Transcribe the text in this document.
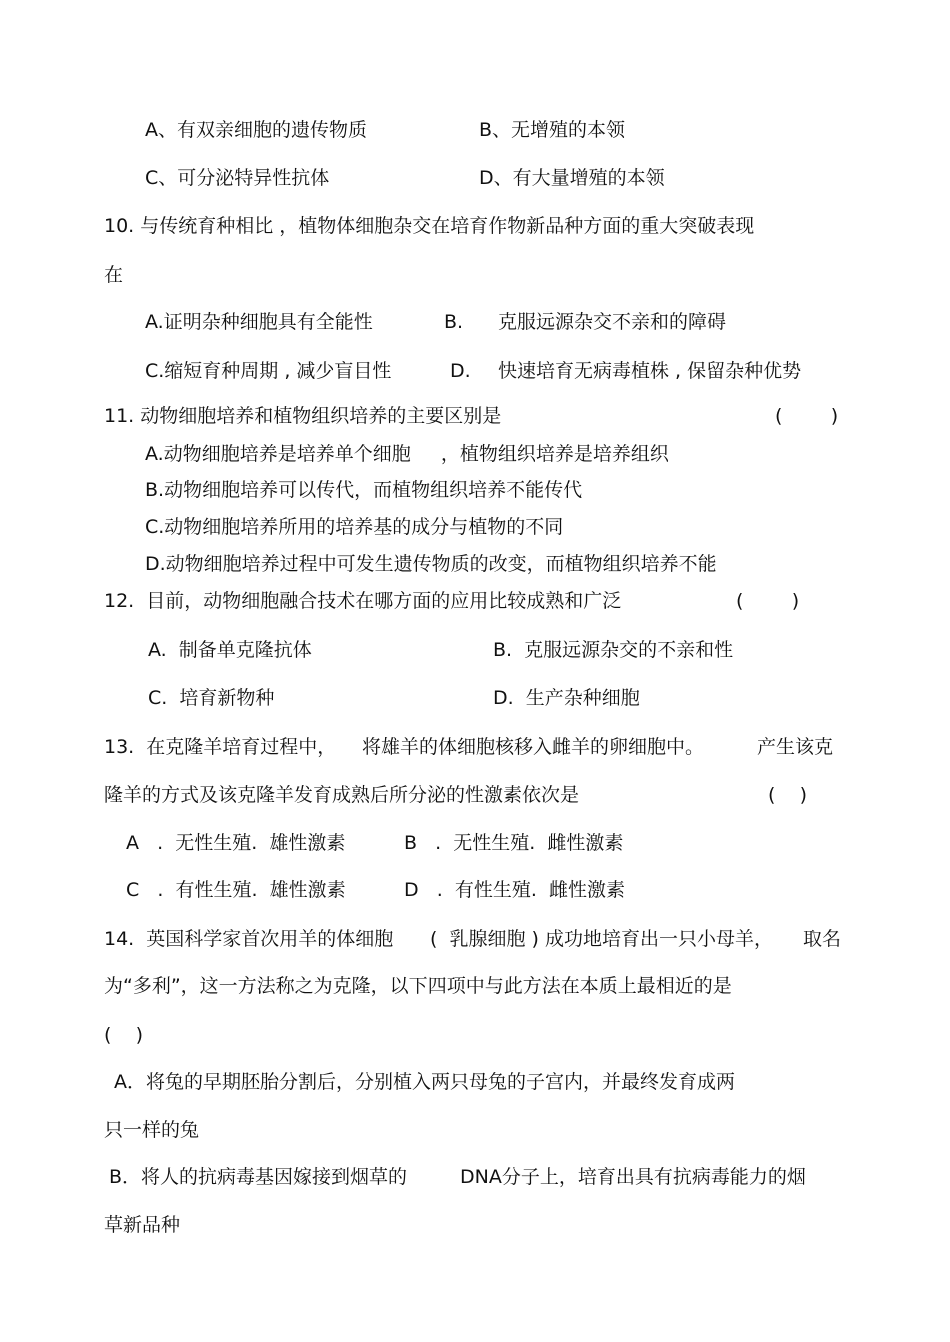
A、有双亲细胞的遗传物质	B、无增殖的本领
C、可分泌特异性抗体	D、有大量增殖的本领
10. 与传统育种相比 ，植物体细胞杂交在培育作物新品种方面的重大突破表现
在
A.证明杂种细胞具有全能性	B. 克服远源杂交不亲和的障碍
C.缩短育种周期 , 减少盲目性	D. 快速培育无病毒植株 , 保留杂种优势
11. 动物细胞培养和植物组织培养的主要区别是	(        )
A.动物细胞培养是培养单个细胞     ，植物组织培养是培养组织
B.动物细胞培养可以传代，而植物组织培养不能传代
C.动物细胞培养所用的培养基的成分与植物的不同
D.动物细胞培养过程中可发生遗传物质的改变，而植物组织培养不能
12.  目前，动物细胞融合技术在哪方面的应用比较成熟和广泛	(        )
A.  制备单克隆抗体	B.  克服远源杂交的不亲和性
C.  培育新物种	D.  生产杂种细胞
13.  在克隆羊培育过程中， 将雄羊的体细胞核移入雌羊的卵细胞中。	产生该克
隆羊的方式及该克隆羊发育成熟后所分泌的性激素依次是	(    )
A   .  无性生殖.  雄性激素	B   .  无性生殖.  雌性激素
C   .  有性生殖.  雄性激素	D   .  有性生殖.  雌性激素
14.  英国科学家首次用羊的体细胞 (  乳腺细胞 ) 成功地培育出一只小母羊， 取名
为“多利”，这一方法称之为克隆，以下四项中与此方法在本质上最相近的是
(    )
A．将兔的早期胚胎分割后，分别植入两只母兔的子宫内，并最终发育成两
只一样的兔
B．将人的抗病毒基因嫁接到烟草的	DNA分子上，培育出具有抗病毒能力的烟
草新品种
